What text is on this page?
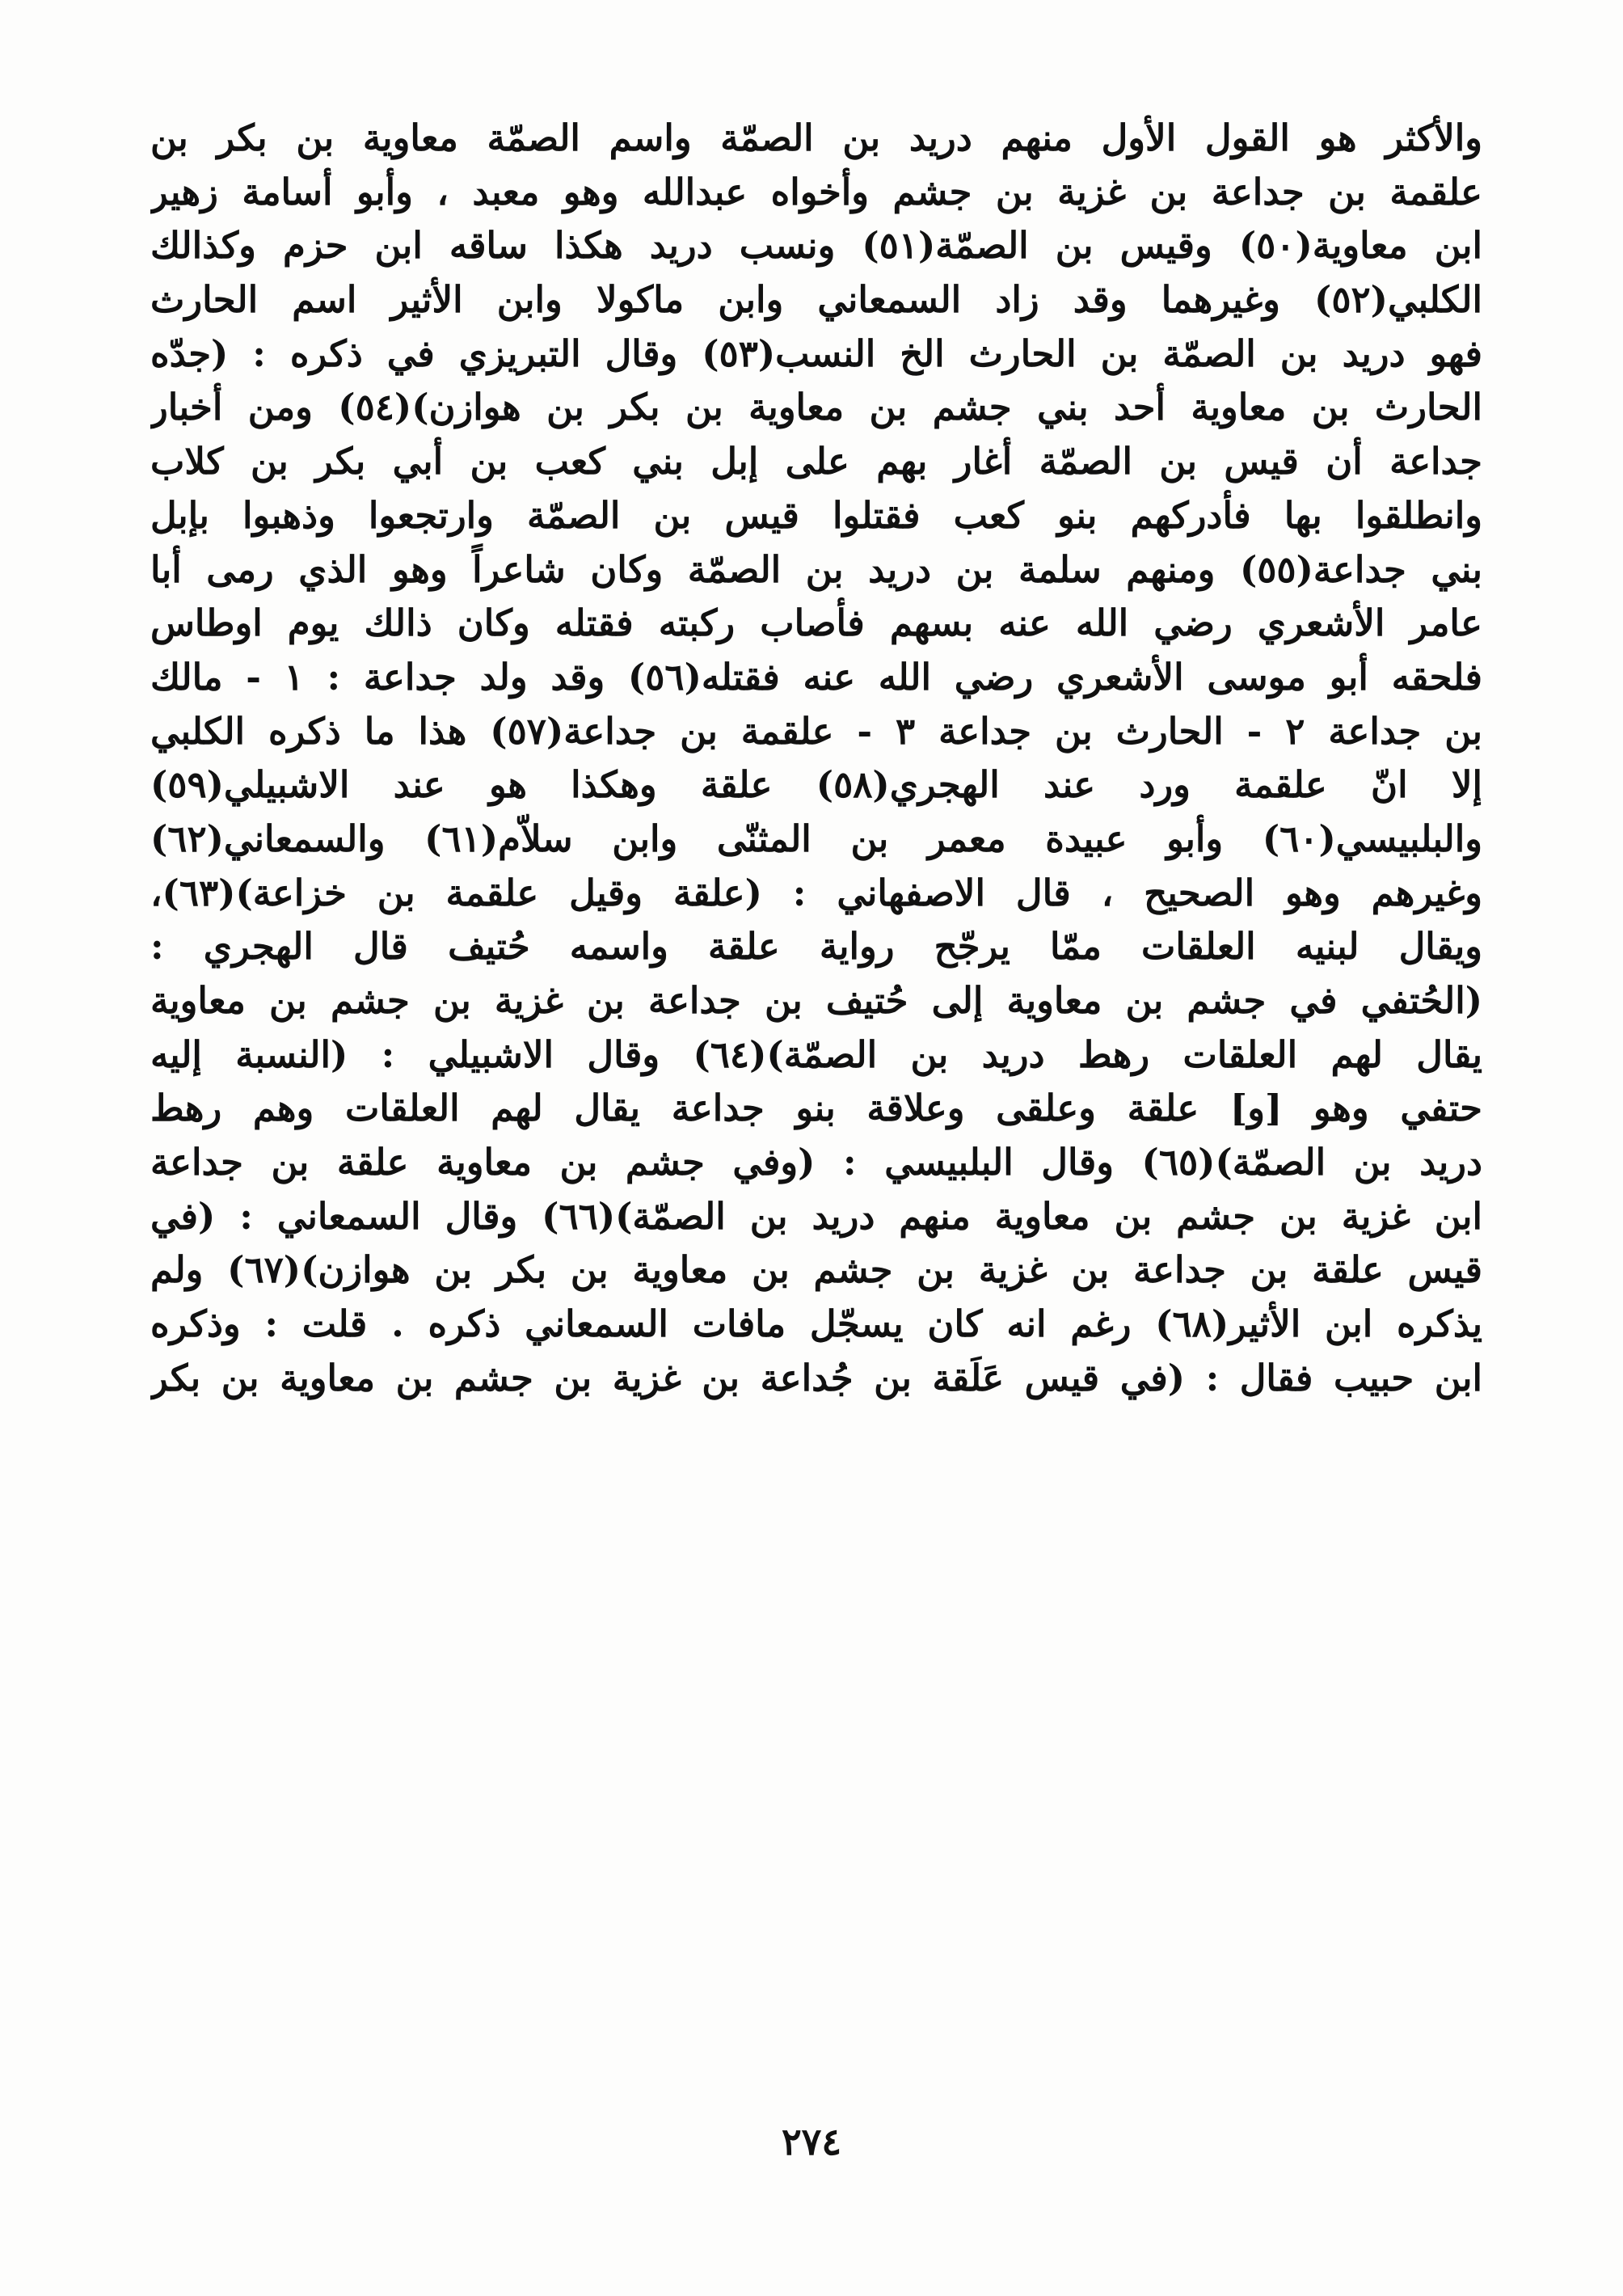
والأكثر هو القول الأول منهم دريد بن الصمّة واسم الصمّة معاوية بن بكر بن
علقمة بن جداعة بن غزية بن جشم وأخواه عبدالله وهو معبد ، وأبو أسامة زهير
ابن معاوية(٥٠) وقيس بن الصمّة(٥١) ونسب دريد هكذا ساقه ابن حزم وكذالك
الكلبي(٥٢) وغيرهما وقد زاد السمعاني وابن ماكولا وابن الأثير اسم الحارث
فهو دريد بن الصمّة بن الحارث الخ النسب(٥٣) وقال التبريزي في ذكره : (جدّه
الحارث بن معاوية أحد بني جشم بن معاوية بن بكر بن هوازن)(٥٤) ومن أخبار
جداعة أن قيس بن الصمّة أغار بهم على إبل بني كعب بن أبي بكر بن كلاب
وانطلقوا بها فأدركهم بنو كعب فقتلوا قيس بن الصمّة وارتجعوا وذهبوا بإبل
بني جداعة(٥٥) ومنهم سلمة بن دريد بن الصمّة وكان شاعراً وهو الذي رمى أبا
عامر الأشعري رضي الله عنه بسهم فأصاب ركبته فقتله وكان ذالك يوم اوطاس
فلحقه أبو موسى الأشعري رضي الله عنه فقتله(٥٦) وقد ولد جداعة : ١ - مالك
بن جداعة ٢ - الحارث بن جداعة ٣ - علقمة بن جداعة(٥٧) هذا ما ذكره الكلبي
إلا انّ علقمة ورد عند الهجري(٥٨) علقة وهكذا هو عند الاشبيلي(٥٩)
والبلبيسي(٦٠) وأبو عبيدة معمر بن المثنّى وابن سلاّم(٦١) والسمعاني(٦٢)
وغيرهم وهو الصحيح ، قال الاصفهاني : (علقة وقيل علقمة بن خزاعة)(٦٣)،
ويقال لبنيه العلقات ممّا يرجّح رواية علقة واسمه حُتيف قال الهجري :
(الحُتفي في جشم بن معاوية إلى حُتيف بن جداعة بن غزية بن جشم بن معاوية
يقال لهم العلقات رهط دريد بن الصمّة)(٦٤) وقال الاشبيلي : (النسبة إليه
حتفي وهو [و] علقة وعلقى وعلاقة بنو جداعة يقال لهم العلقات وهم رهط
دريد بن الصمّة)(٦٥) وقال البلبيسي : (وفي جشم بن معاوية علقة بن جداعة
ابن غزية بن جشم بن معاوية منهم دريد بن الصمّة)(٦٦) وقال السمعاني : (في
قيس علقة بن جداعة بن غزية بن جشم بن معاوية بن بكر بن هوازن)(٦٧) ولم
يذكره ابن الأثير(٦٨) رغم انه كان يسجّل مافات السمعاني ذكره . قلت : وذكره
ابن حبيب فقال : (في قيس عَلَقة بن جُداعة بن غزية بن جشم بن معاوية بن بكر
٢٧٤
